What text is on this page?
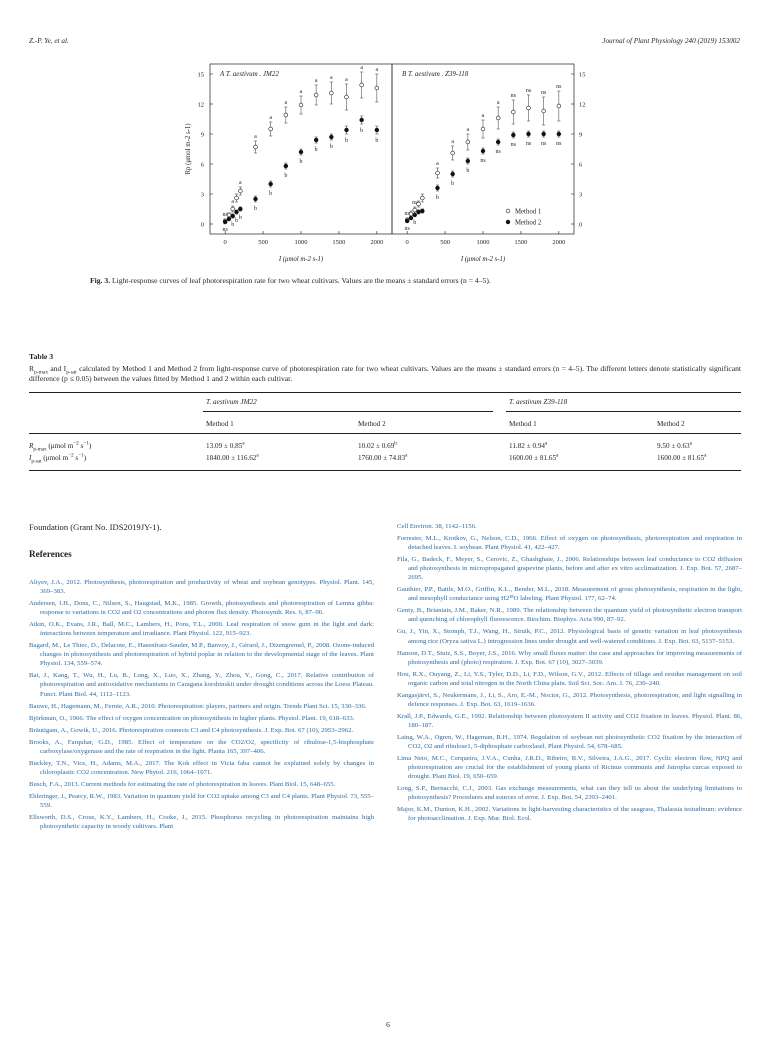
Z.-P. Ye, et al.	Journal of Plant Physiology 240 (2019) 153002
A T. aestivum . JM22
0	500	1000	1500	2000
0
3
6
9
12
15
I (μmol m-2 s-1)
ns
ns
a
b
b
a
b
a
b
a
b
a
b
a
b
a
b
a
b
a
b
a
b
a
b
B T. aestivum . Z39-118
0	500	1000	1500	2000
0
3
6
9
12
15
I (μmol m-2 s-1)
ns
ns
ns
b
a
b
a
b
a
b
a
ns
a
ns
ns
ns
ns
ns
ns
ns
ns
ns
Method 1
Method 2
Rp (μmol m-2 s-1)
Fig. 3. Light-response curves of leaf photorespiration rate for two wheat cultivars. Values are the means ± standard errors (n = 4–5).
Table 3
$R_{p-max}$ and $I_{p-sat}$ calculated by Method 1 and Method 2 from light-response curve of photorespiration rate for two wheat cultivars. Values are the means ± standard errors (n = 4–5). The different letters denote statistically significant difference (p ≤ 0.05) between the values fitted by Method 1 and 2 within each cultivar.
T. aestivum JM22	T. aestivum Z39-118
Method 1	Method 2	Method 1	Method 2
$R_{p-max}$ (μmol $m^{-2}$ $s^{-1}$)	13.09 ± 0.85$^a$	10.02 ± 0.69$^b$	11.82 ± 0.94$^a$	9.50 ± 0.63$^a$
$I_{p-sat}$ (μmol $m^{-2}$ $s^{-1}$)	1840.00 ± 116.62$^a$	1760.00 ± 74.83$^a$	1600.00 ± 81.65$^a$	1600.00 ± 81.65$^a$
Foundation (Grant No. IDS2019JY-1).
References
Aliyev, J.A., 2012. Photosynthesis, photorespiration and productivity of wheat and soybean genotypes. Physiol. Plant. 145, 369–383.
Andersen, I.H., Dons, C., Nilsen, S., Haugstad, M.K., 1985. Growth, photosynthesis and photorespiration of Lemna gibba: response to variations in CO2 and O2 concentrations and photon flux density. Photosynth. Res. 6, 87–96.
Atkin, O.K., Evans, J.R., Ball, M.C., Lambers, H., Pons, T.L., 2000. Leaf respiration of snow gum in the light and dark: interactions between temperature and irradiance. Plant Physiol. 122, 915–923.
Bagard, M., Le Thiec, D., Delacote, E., Hasenfratz-Sauder, M.P., Banvoy, J., Gérard, J., Dizengremel, P., 2008. Ozone-induced changes in photosynthesis and photorespiration of hybrid poplar in relation to the developmental stage of the leaves. Plant Physiol. 134, 559–574.
Bai, J., Kang, T., Wu, H., Lu, B., Long, X., Luo, X., Zhang, Y., Zhou, Y., Gong, C., 2017. Relative contribution of photorespiration and antioxidative mechanisms in Caragana korshinskii under drought conditions across the Loess Plateau. Funct. Plant Biol. 44, 1112–1123.
Bauwe, H., Hagemann, M., Fernie, A.R., 2010. Photorespiration: players, partners and origin. Trends Plant Sci. 15, 330–336.
Björkman, O., 1966. The effect of oxygen concentration on photosynthesis in higher plants. Physiol. Plant. 19, 618–633.
Bräutigam, A., Gowik, U., 2016. Photorespiration connects C3 and C4 photosynthesis. J. Exp. Bot. 67 (10), 2953–2962.
Brooks, A., Farquhar, G.D., 1985. Effect of temperature on the CO2/O2, specificity of ribulose-1,5-bisphosphate carboxylase/oxygenase and the rate of respiration in the light. Planta 165, 397–406.
Buckley, T.N., Vice, H., Adams, M.A., 2017. The Kok effect in Vicia faba cannot be explained solely by changes in chloroplastic CO2 concentration. New Phytol. 216, 1064–1071.
Busch, F.A., 2013. Current methods for estimating the rate of photorespiration in leaves. Plant Biol. 15, 648–655.
Ehleringer, J., Pearcy, R.W., 1983. Variation in quantum yield for CO2 uptake among C3 and C4 plants. Plant Physiol. 73, 555–559.
Ellsworth, D.S., Crous, K.Y., Lambers, H., Cooke, J., 2015. Phosphorus recycling in photorespiration maintains high photosynthetic capacity in woody cultivars. Plant
Cell Environ. 38, 1142–1156.
Forrester, M.L., Krotkov, G., Nelson, C.D., 1966. Effect of oxygen on photosynthesis, photorespiration and respiration in detached leaves. I. soybean. Plant Physiol. 41, 422–427.
Fila, G., Badeck, F., Meyer, S., Cerovic, Z., Ghashghaie, J., 2006. Relationships between leaf conductance to CO2 diffusion and photosynthesis in micropropagated grapevine plants, before and after ex vitro acclimatization. J. Exp. Bot. 57, 2687–2695.
Gauthier, P.P., Battle, M.O., Griffin, K.L., Bender, M.L., 2018. Measurement of gross photosynthesis, respiration in the light, and mesophyll conductance using H2¹⁸O labeling. Plant Physiol. 177, 62–74.
Genty, B., Briantais, J.M., Baker, N.R., 1989. The relationship between the quantum yield of photosynthetic electron transport and quenching of chlorophyll fluorescence. Biochim. Biophys. Acta 990, 87–92.
Gu, J., Yin, X., Stomph, T.J., Wang, H., Struik, P.C., 2012. Physiological basis of genetic variation in leaf photosynthesis among rice (Oryza sativa L.) introgression lines under drought and well-watered conditions. J. Exp. Bot. 63, 5137–5153.
Hanson, D.T., Stutz, S.S., Boyer, J.S., 2016. Why small fluxes matter: the case and approaches for improving measurements of photosynthesis and (photo) respiration. J. Exp. Bot. 67 (10), 3027–3039.
Hou, R.X., Ouyang, Z., Li, Y.S., Tyler, D.D., Li, F.D., Wilson, G.V., 2012. Effects of tillage and residue management on soil organic carbon and total nitrogen in the North China plain. Soil Sci. Soc. Am. J. 76, 230–240.
Kangasjärvi, S., Neukermans, J., Li, S., Aro, E.-M., Noctor, G., 2012. Photosynthesis, photorespiration, and light signalling in defence responses. J. Exp. Bot. 63, 1619–1636.
Krall, J.P., Edwards, G.E., 1992. Relationship between photosystem II activity and CO2 fixation in leaves. Physiol. Plant. 86, 180–187.
Laing, W.A., Ogren, W., Hageman, R.H., 1974. Regulation of soybean net photosynthetic CO2 fixation by the interaction of CO2, O2 and ribulose1, 5-diphosphate carboxlasel. Plant Physiol. 54, 678–685.
Lima Neto, M.C., Cerqueira, J.V.A., Cunha, J.R.D., Ribeiro, R.V., Silveira, J.A.G., 2017. Cyclic electron flow, NPQ and photorespiration are crucial for the establishment of young plants of Ricinus communis and Jatropha curcas exposed to drought. Plant Biol. 19, 650–659.
Long, S.P., Bernacchi, C.J., 2003. Gas exchange measurements, what can they tell us about the underlying limitations to photosynthesis? Procedures and sources of error. J. Exp. Bot. 54, 2393–2401.
Major, K.M., Dunton, K.H., 2002. Variations in light-harvesting characteristics of the seagrass, Thalassia testudinum: evidence for photoacclimation. J. Exp. Mar. Biol. Ecol.
6
